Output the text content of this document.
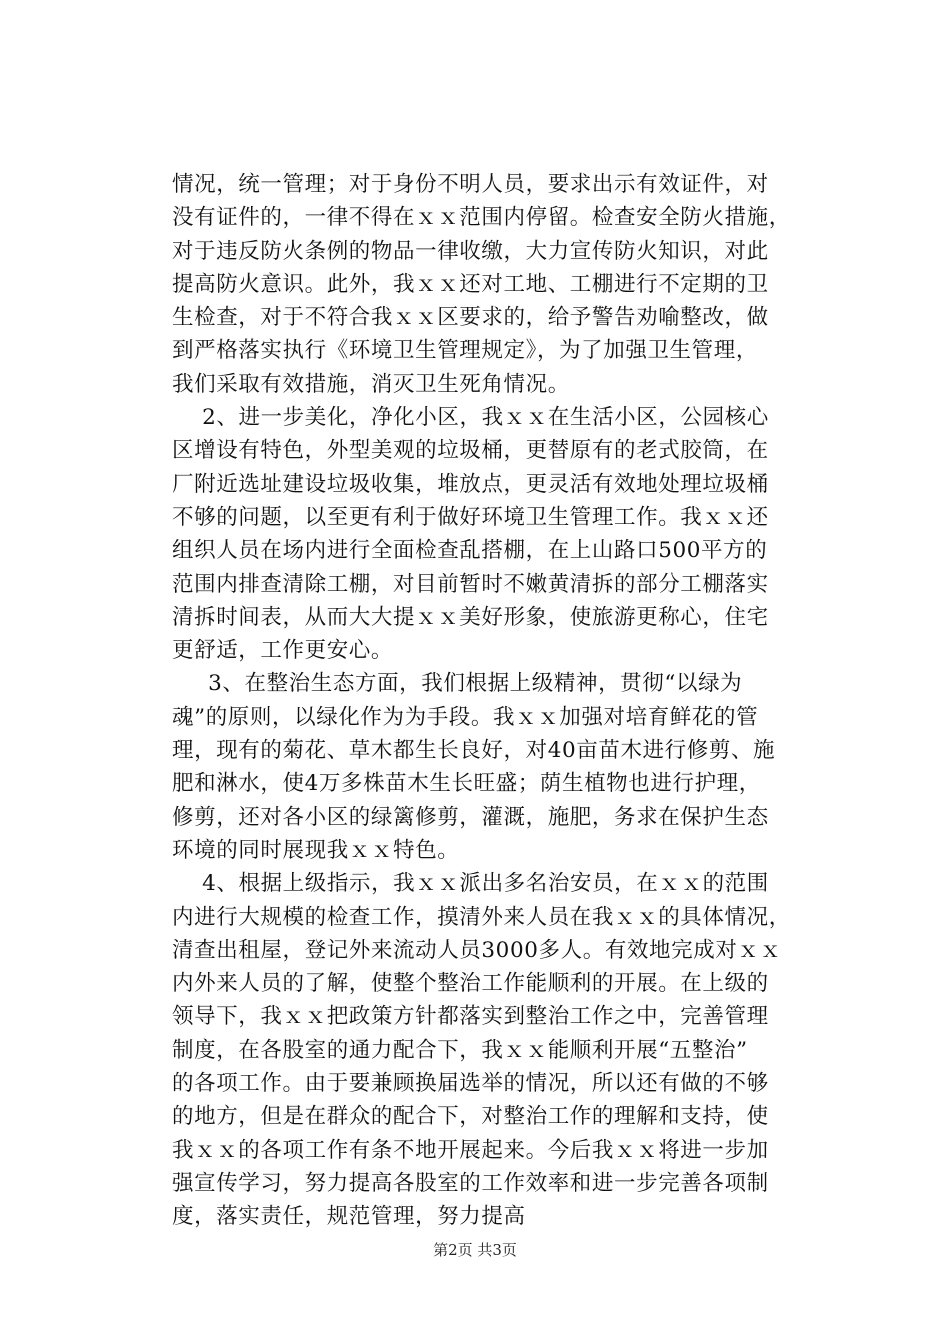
情况，统一管理；对于身份不明人员，要求出示有效证件，对
没有证件的，一律不得在ｘｘ范围内停留。检查安全防火措施，
对于违反防火条例的物品一律收缴，大力宣传防火知识，对此
提高防火意识。此外，我ｘｘ还对工地、工棚进行不定期的卫
生检查，对于不符合我ｘｘ区要求的，给予警告劝喻整改，做
到严格落实执行《环境卫生管理规定》，为了加强卫生管理，
我们采取有效措施，消灭卫生死角情况。
　2、进一步美化，净化小区，我ｘｘ在生活小区，公园核心
区增设有特色，外型美观的垃圾桶，更替原有的老式胶筒，在
厂附近选址建设垃圾收集，堆放点，更灵活有效地处理垃圾桶
不够的问题，以至更有利于做好环境卫生管理工作。我ｘｘ还
组织人员在场内进行全面检查乱搭棚，在上山路口500平方的
范围内排查清除工棚，对目前暂时不嫩黄清拆的部分工棚落实
清拆时间表，从而大大提ｘｘ美好形象，使旅游更称心，住宅
更舒适，工作更安心。
　3、在整治生态方面，我们根据上级精神，贯彻“以绿为
魂”的原则，以绿化作为为手段。我ｘｘ加强对培育鲜花的管
理，现有的菊花、草木都生长良好，对40亩苗木进行修剪、施
肥和淋水，使4万多株苗木生长旺盛；荫生植物也进行护理，
修剪，还对各小区的绿篱修剪，灌溉，施肥，务求在保护生态
环境的同时展现我ｘｘ特色。
　4、根据上级指示，我ｘｘ派出多名治安员，在ｘｘ的范围
内进行大规模的检查工作，摸清外来人员在我ｘｘ的具体情况，
清查出租屋，登记外来流动人员3000多人。有效地完成对ｘｘ
内外来人员的了解，使整个整治工作能顺利的开展。在上级的
领导下，我ｘｘ把政策方针都落实到整治工作之中，完善管理
制度，在各股室的通力配合下，我ｘｘ能顺利开展“五整治”
的各项工作。由于要兼顾换届选举的情况，所以还有做的不够
的地方，但是在群众的配合下，对整治工作的理解和支持，使
我ｘｘ的各项工作有条不地开展起来。今后我ｘｘ将进一步加
强宣传学习，努力提高各股室的工作效率和进一步完善各项制
度，落实责任，规范管理，努力提高
第2页 共3页
